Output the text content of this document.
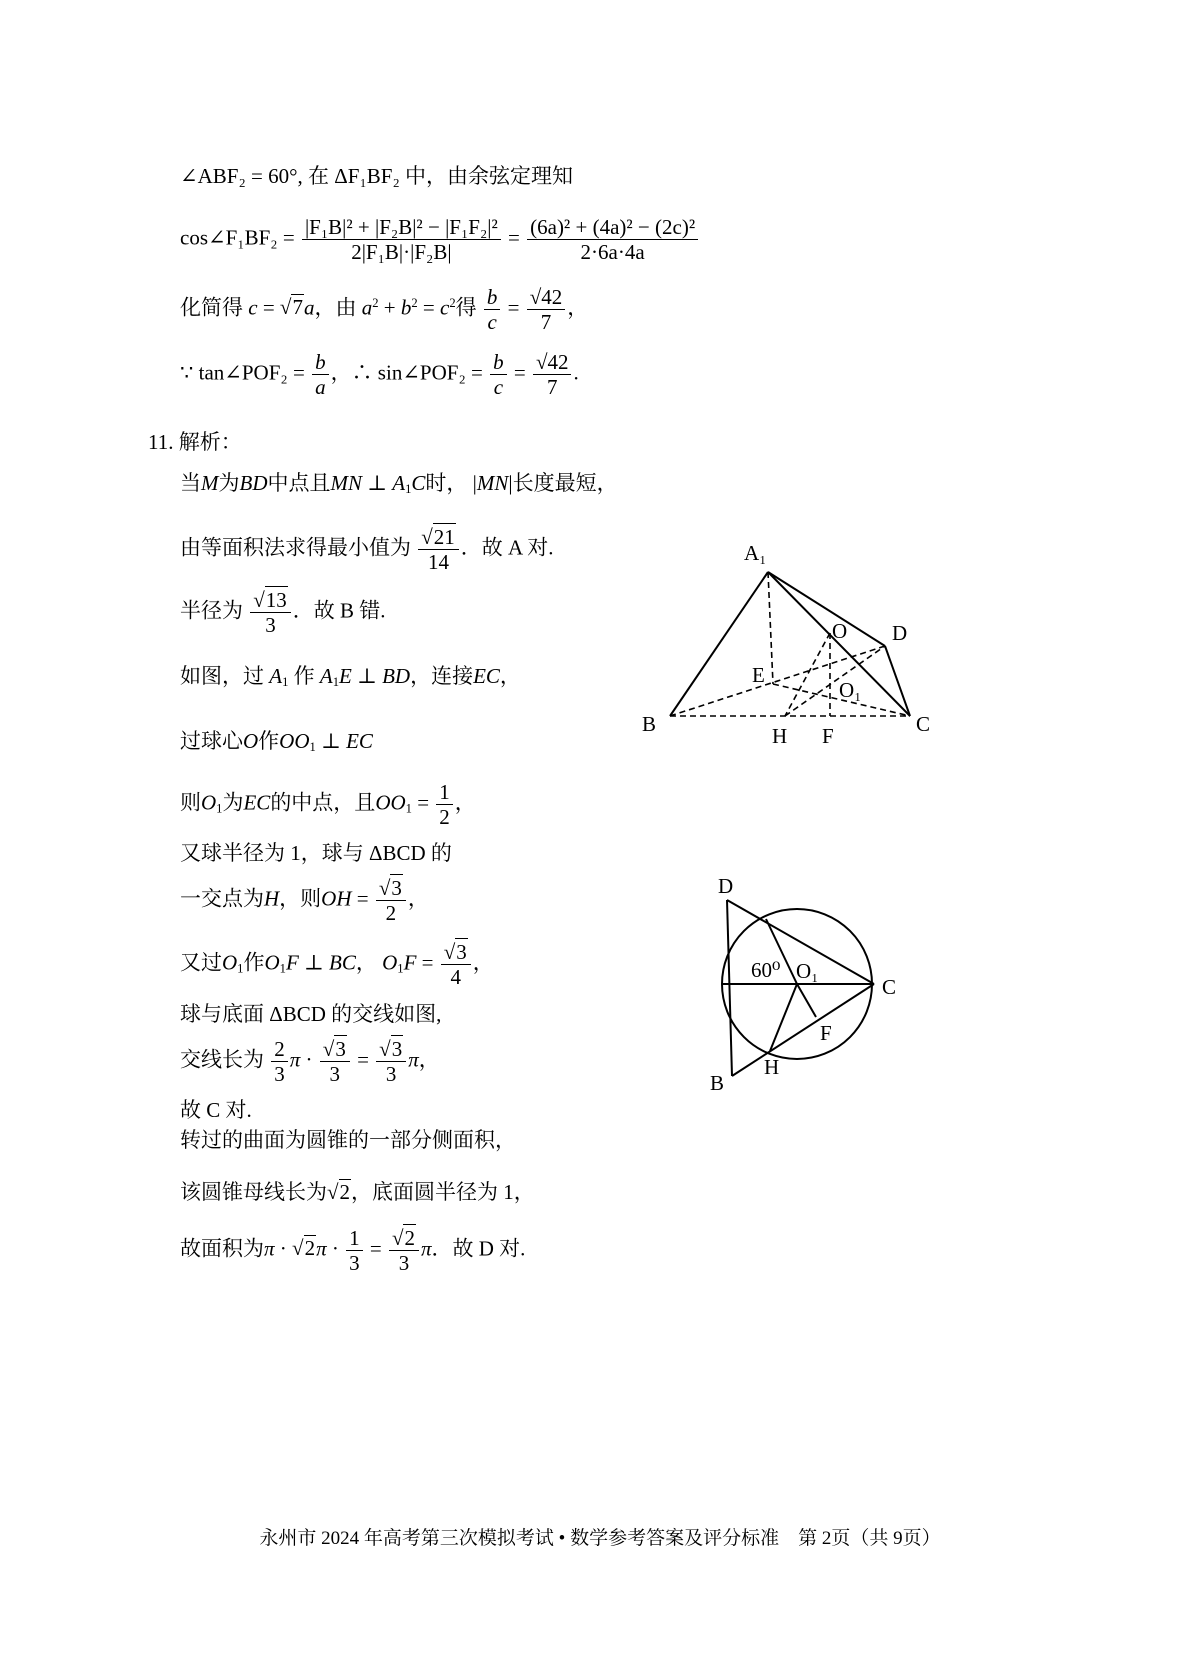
∠ABF₂ = 60°, 在 ΔF₁BF₂ 中，由余弦定理知
cos∠F₁BF₂ = $\frac{\text{|F₁B|² + |F₂B|² − |F₁F₂|²}}{\text{2|F₁B|·|F₂B|}} = \frac{\text{(6a)² + (4a)² − (2c)²}}{2\cdot 6a\cdot 4a}$
化简得 c = √7a，由 $a^2 + b^2 = c^2$得 $\frac{b}{c} = \frac{√42}{7}$ ，
∵ tan∠POF₂ = $\frac{b}{a}$ ，∴ sin∠POF₂ = $\frac{b}{c} = \frac{√42}{7}$ .
11. 解析：
当M为BD中点且MN ⊥ $A_1C$时， |MN|长度最短，
由等面积法求得最小值为 $\frac{√21}{14}$ ．故 A 对.
半径为 $\frac{√13}{3}$ ．故 B 错.
如图，过 $A_1$ 作 $A_1E$ ⊥ BD，连接EC，
过球心O作$OO_1$ ⊥ EC
则$O_1$为EC的中点，且$OO_1 = \frac{1}{2}$ ，
又球半径为 1，球与 ΔBCD 的
一交点为H，则OH = $\frac{√3}{2}$ ，
又过$O_1$作$O_1F$ ⊥ BC， $O_1F = \frac{√3}{4}$ ，
球与底面 ΔBCD 的交线如图,
交线长为 $\frac{2}{3}$ $\pi \cdot \frac{√3}{3} = \frac{√3}{3}$ π，
故 C 对.
转过的曲面为圆锥的一部分侧面积，
该圆锥母线长为√2，底面圆半径为 1，
故面积为$\pi \cdot √2\pi \cdot \frac{1}{3} = \frac{√2}{3}$ π．故 D 对.
A₁
B	C
D
E
O
O₁
H F
D
B
C
H
F
O₁
60⁰
永州市 2024 年高考第三次模拟考试 • 数学参考答案及评分标准　第 2页（共 9页）
